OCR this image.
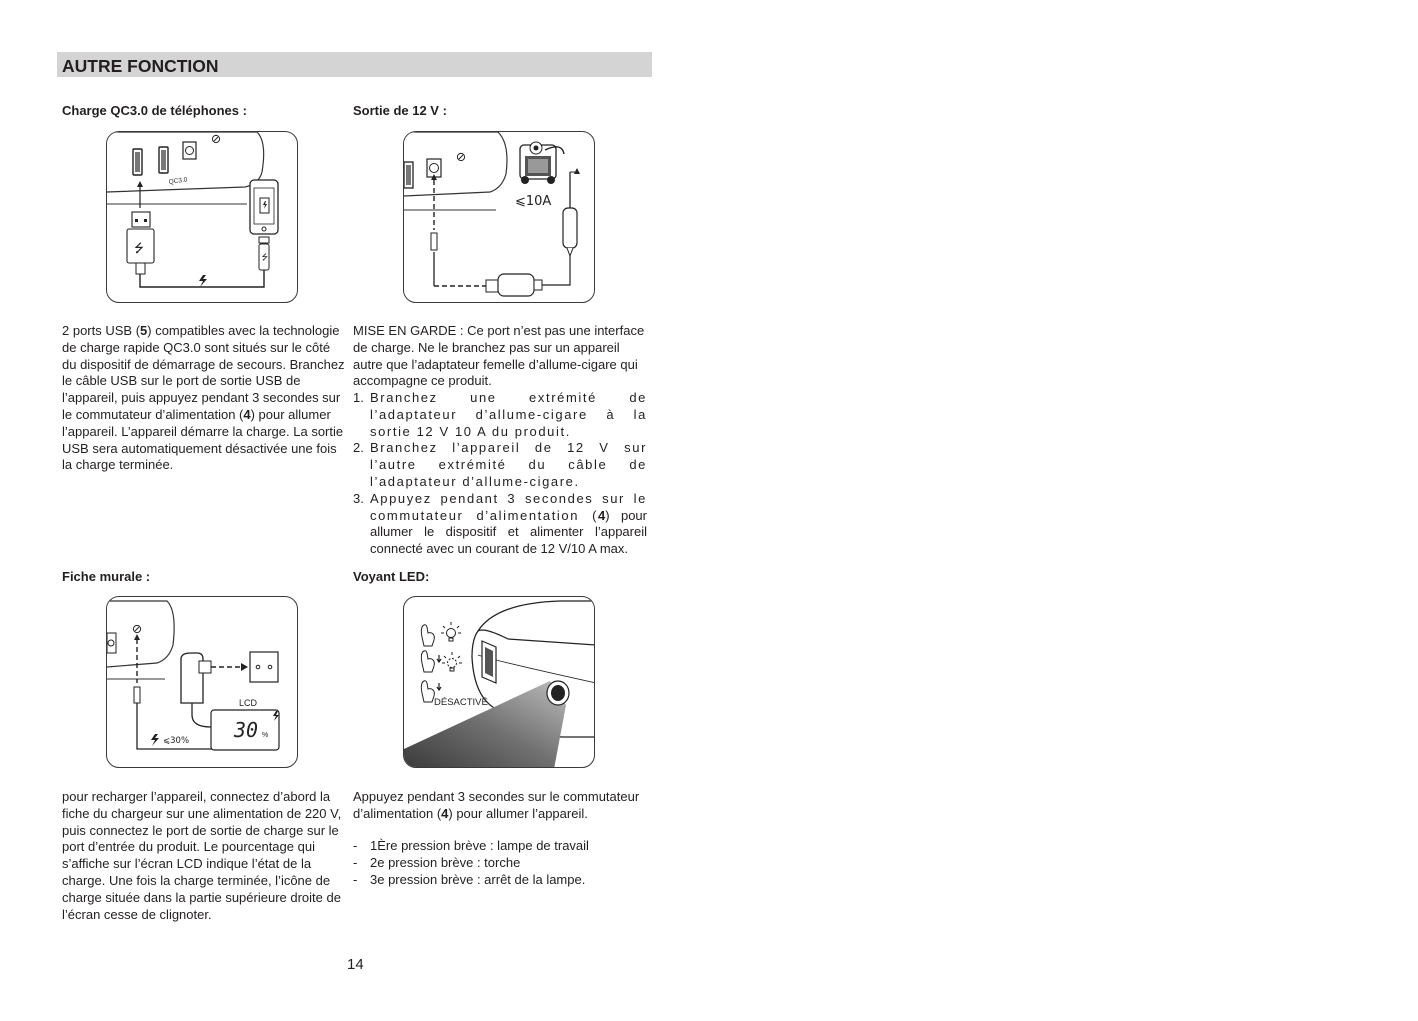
AUTRE FONCTION
Charge QC3.0 de téléphones :
QC3.0
⭍
⭍

2 ports USB (5) compatibles avec la technologie de charge rapide QC3.0 sont situés sur le côté du dispositif de démarrage de secours. Branchez le câble USB sur le port de sortie USB de l’appareil, puis appuyez pendant 3 secondes sur le commutateur d’alimentation (4) pour allumer l’appareil. L’appareil démarre la charge. La sortie USB sera automatiquement désactivée une fois la charge terminée.

Sortie de 12 V :
⩽10A

MISE EN GARDE : Ce port n’est pas une interface de charge. Ne le branchez pas sur un appareil autre que l’adaptateur femelle d’allume-cigare qui accompagne ce produit.

1. Branchez une extrémité de l’adaptateur d’allume-cigare à la sortie 12 V 10 A du produit.
2. Branchez l’appareil de 12 V sur l’autre extrémité du câble de l’adaptateur d’allume-cigare.
3. Appuyez pendant 3 secondes sur le commutateur d’alimentation (4) pour allumer le dispositif et alimenter l’appareil connecté avec un courant de 12 V/10 A max.
Fiche murale :
⩽30%
LCD
30 %

pour recharger l’appareil, connectez d’abord la fiche du chargeur sur une alimentation de 220 V, puis connectez le port de sortie de charge sur le port d’entrée du produit. Le pourcentage qui s’affiche sur l’écran LCD indique l’état de la charge. Une fois la charge terminée, l’icône de charge située dans la partie supérieure droite de l’écran cesse de clignoter.

Voyant LED:
DÉSACTIVÉ

Appuyez pendant 3 secondes sur le commutateur d’alimentation (4) pour allumer l’appareil.

- 1Ère pression brève : lampe de travail
- 2e pression brève : torche
- 3e pression brève : arrêt de la lampe.

14
